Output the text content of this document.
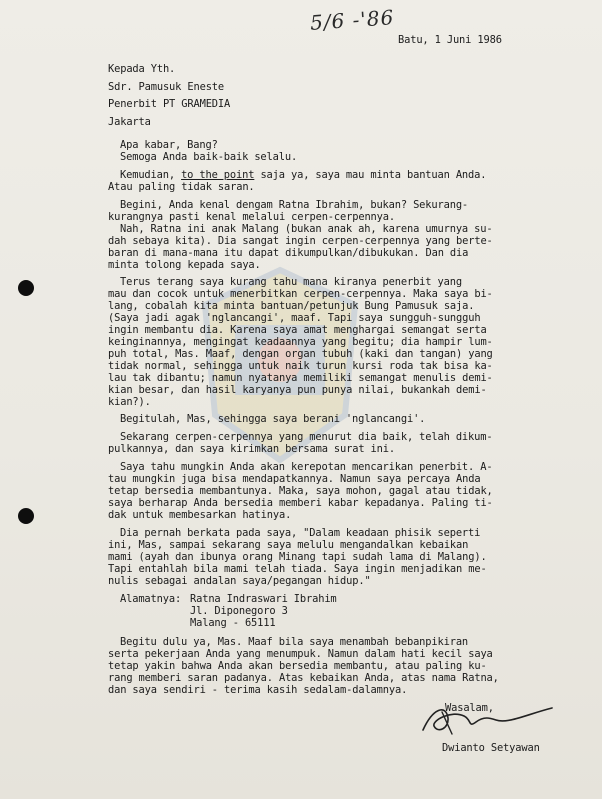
5/6 -'86
Batu, 1 Juni 1986
Kepada Yth.
Sdr. Pamusuk Eneste
Penerbit PT GRAMEDIA
Jakarta
Apa kabar, Bang?
Semoga Anda baik-baik selalu.
Kemudian, to the point saja ya, saya mau minta bantuan Anda.
Atau paling tidak saran.
Begini, Anda kenal dengam Ratna Ibrahim, bukan? Sekurang-
kurangnya pasti kenal melalui cerpen-cerpennya.
Nah, Ratna ini anak Malang (bukan anak ah, karena umurnya su-
dah sebaya kita). Dia sangat ingin cerpen-cerpennya yang berte-
baran di mana-mana itu dapat dikumpulkan/dibukukan. Dan dia
minta tolong kepada saya.
Terus terang saya kurang tahu mana kiranya penerbit yang
mau dan cocok untuk menerbitkan cerpen-cerpennya. Maka saya bi-
lang, cobalah kita minta bantuan/petunjuk Bung Pamusuk saja.
(Saya jadi agak 'nglancangi', maaf. Tapi saya sungguh-sungguh
ingin membantu dia. Karena saya amat menghargai semangat serta
keinginannya, mengingat keadaannya yang begitu; dia hampir lum-
puh total, Mas. Maaf, dengan organ tubuh (kaki dan tangan) yang
tidak normal, sehingga untuk naik turun kursi roda tak bisa ka-
lau tak dibantu; namun nyatanya memiliki semangat menulis demi-
kian besar, dan hasil karyanya pun punya nilai, bukankah demi-
kian?).
Begitulah, Mas, sehingga saya berani 'nglancangi'.
Sekarang cerpen-cerpennya yang menurut dia baik, telah dikum-
pulkannya, dan saya kirimkan bersama surat ini.
Saya tahu mungkin Anda akan kerepotan mencarikan penerbit. A-
tau mungkin juga bisa mendapatkannya. Namun saya percaya Anda
tetap bersedia membantunya. Maka, saya mohon, gagal atau tidak,
saya berharap Anda bersedia memberi kabar kepadanya. Paling ti-
dak untuk membesarkan hatinya.
Dia pernah berkata pada saya, "Dalam keadaan phisik seperti
ini, Mas, sampai sekarang saya melulu mengandalkan kebaikan
mami (ayah dan ibunya orang Minang tapi sudah lama di Malang).
Tapi entahlah bila mami telah tiada. Saya ingin menjadikan me-
nulis sebagai andalan saya/pegangan hidup."
Alamatnya: Ratna Indraswari Ibrahim
Jl. Diponegoro 3
Malang - 65111
Begitu dulu ya, Mas. Maaf bila saya menambah bebanpikiran
serta pekerjaan Anda yang menumpuk. Namun dalam hati kecil saya
tetap yakin bahwa Anda akan bersedia membantu, atau paling ku-
rang memberi saran padanya. Atas kebaikan Anda, atas nama Ratna,
dan saya sendiri - terima kasih sedalam-dalamnya.
Wasalam,
Dwianto Setyawan
